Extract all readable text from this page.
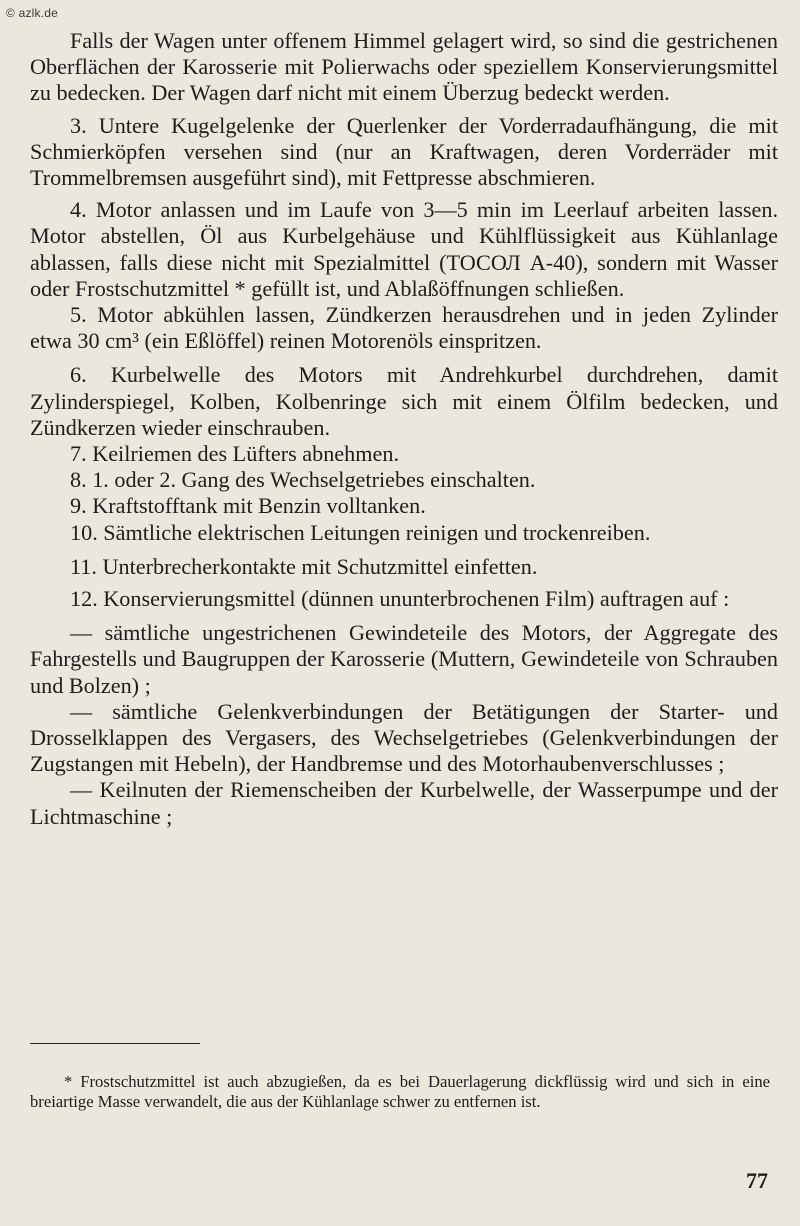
© azlk.de

Falls der Wagen unter offenem Himmel gelagert wird, so sind die gestrichenen Oberflächen der Karosserie mit Polierwachs oder speziellem Konservierungsmittel zu bedecken. Der Wagen darf nicht mit einem Überzug bedeckt werden.

3. Untere Kugelgelenke der Querlenker der Vorderradaufhängung, die mit Schmierköpfen versehen sind (nur an Kraftwagen, deren Vorderräder mit Trommelbremsen ausgeführt sind), mit Fettpresse abschmieren.

4. Motor anlassen und im Laufe von 3—5 min im Leerlauf arbeiten lassen. Motor abstellen, Öl aus Kurbelgehäuse und Kühlflüssigkeit aus Kühlanlage ablassen, falls diese nicht mit Spezialmittel (ТОСОЛ А-40), sondern mit Wasser oder Frostschutzmittel * gefüllt ist, und Ablaßöffnungen schließen.

5. Motor abkühlen lassen, Zündkerzen herausdrehen und in jeden Zylinder etwa 30 cm³ (ein Eßlöffel) reinen Motorenöls einspritzen.

6. Kurbelwelle des Motors mit Andrehkurbel durchdrehen, damit Zylinderspiegel, Kolben, Kolbenringe sich mit einem Ölfilm bedecken, und Zündkerzen wieder einschrauben.

7. Keilriemen des Lüfters abnehmen.

8. 1. oder 2. Gang des Wechselgetriebes einschalten.

9. Kraftstofftank mit Benzin volltanken.

10. Sämtliche elektrischen Leitungen reinigen und trockenreiben.

11. Unterbrecherkontakte mit Schutzmittel einfetten.

12. Konservierungsmittel (dünnen ununterbrochenen Film) auftragen auf :

— sämtliche ungestrichenen Gewindeteile des Motors, der Aggregate des Fahrgestells und Baugruppen der Karosserie (Muttern, Gewindeteile von Schrauben und Bolzen) ;

— sämtliche Gelenkverbindungen der Betätigungen der Starter- und Drosselklappen des Vergasers, des Wechselgetriebes (Gelenkverbindungen der Zugstangen mit Hebeln), der Handbremse und des Motorhaubenverschlusses ;

— Keilnuten der Riemenscheiben der Kurbelwelle, der Wasserpumpe und der Lichtmaschine ;

* Frostschutzmittel ist auch abzugießen, da es bei Dauerlagerung dickflüssig wird und sich in eine breiartige Masse verwandelt, die aus der Kühlanlage schwer zu entfernen ist.

77
